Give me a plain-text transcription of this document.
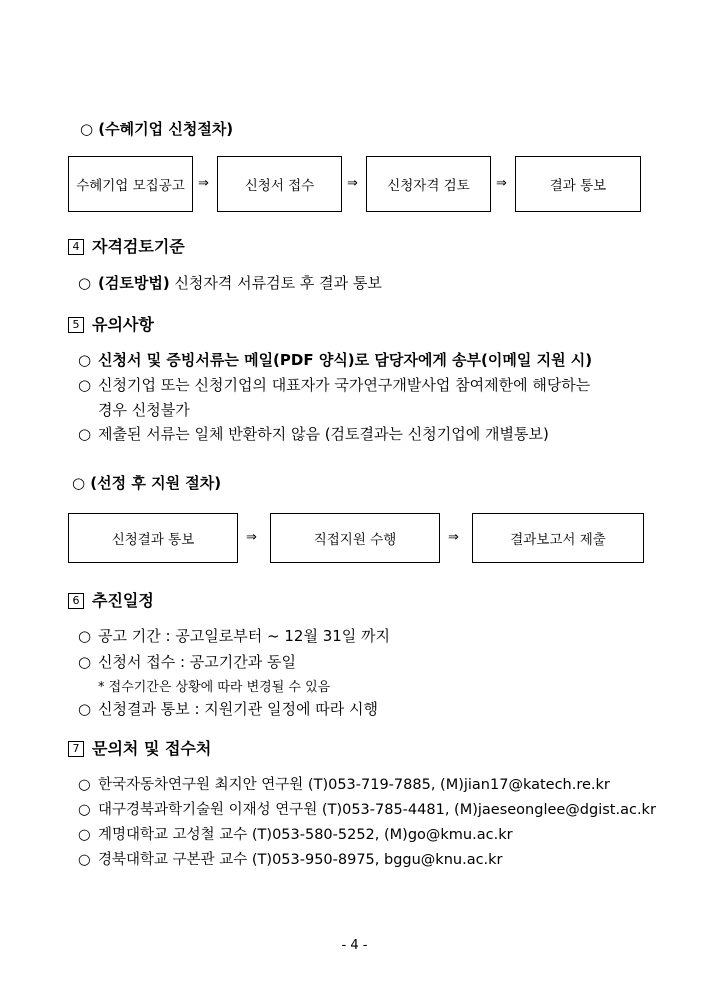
○ (수혜기업 신청절차)
수혜기업 모집공고 ⇒	신청서 접수	⇒ 신청자격 검토 ⇒	결과 통보
4 자격검토기준
○ (검토방법) 신청자격 서류검토 후 결과 통보
5 유의사항
○ 신청서 및 증빙서류는 메일(PDF 양식)로 담당자에게 송부(이메일 지원 시)
○ 신청기업 또는 신청기업의 대표자가 국가연구개발사업 참여제한에 해당하는
경우 신청불가
○ 제출된 서류는 일체 반환하지 않음 (검토결과는 신청기업에 개별통보)
○ (선정 후 지원 절차)
신청결과 통보	⇒	직접지원 수행	⇒	결과보고서 제출
6 추진일정
○ 공고 기간 : 공고일로부터 ~ 12월 31일 까지
○ 신청서 접수 : 공고기간과 동일
* 접수기간은 상황에 따라 변경될 수 있음
○ 신청결과 통보 : 지원기관 일정에 따라 시행
7 문의처 및 접수처
○ 한국자동차연구원 최지안 연구원 (T)053-719-7885, (M)jian17@katech.re.kr
○ 대구경북과학기술원 이재성 연구원 (T)053-785-4481, (M)jaeseonglee@dgist.ac.kr
○ 계명대학교 고성철 교수 (T)053-580-5252, (M)go@kmu.ac.kr
○ 경북대학교 구본관 교수 (T)053-950-8975, bggu@knu.ac.kr
- 4 -
